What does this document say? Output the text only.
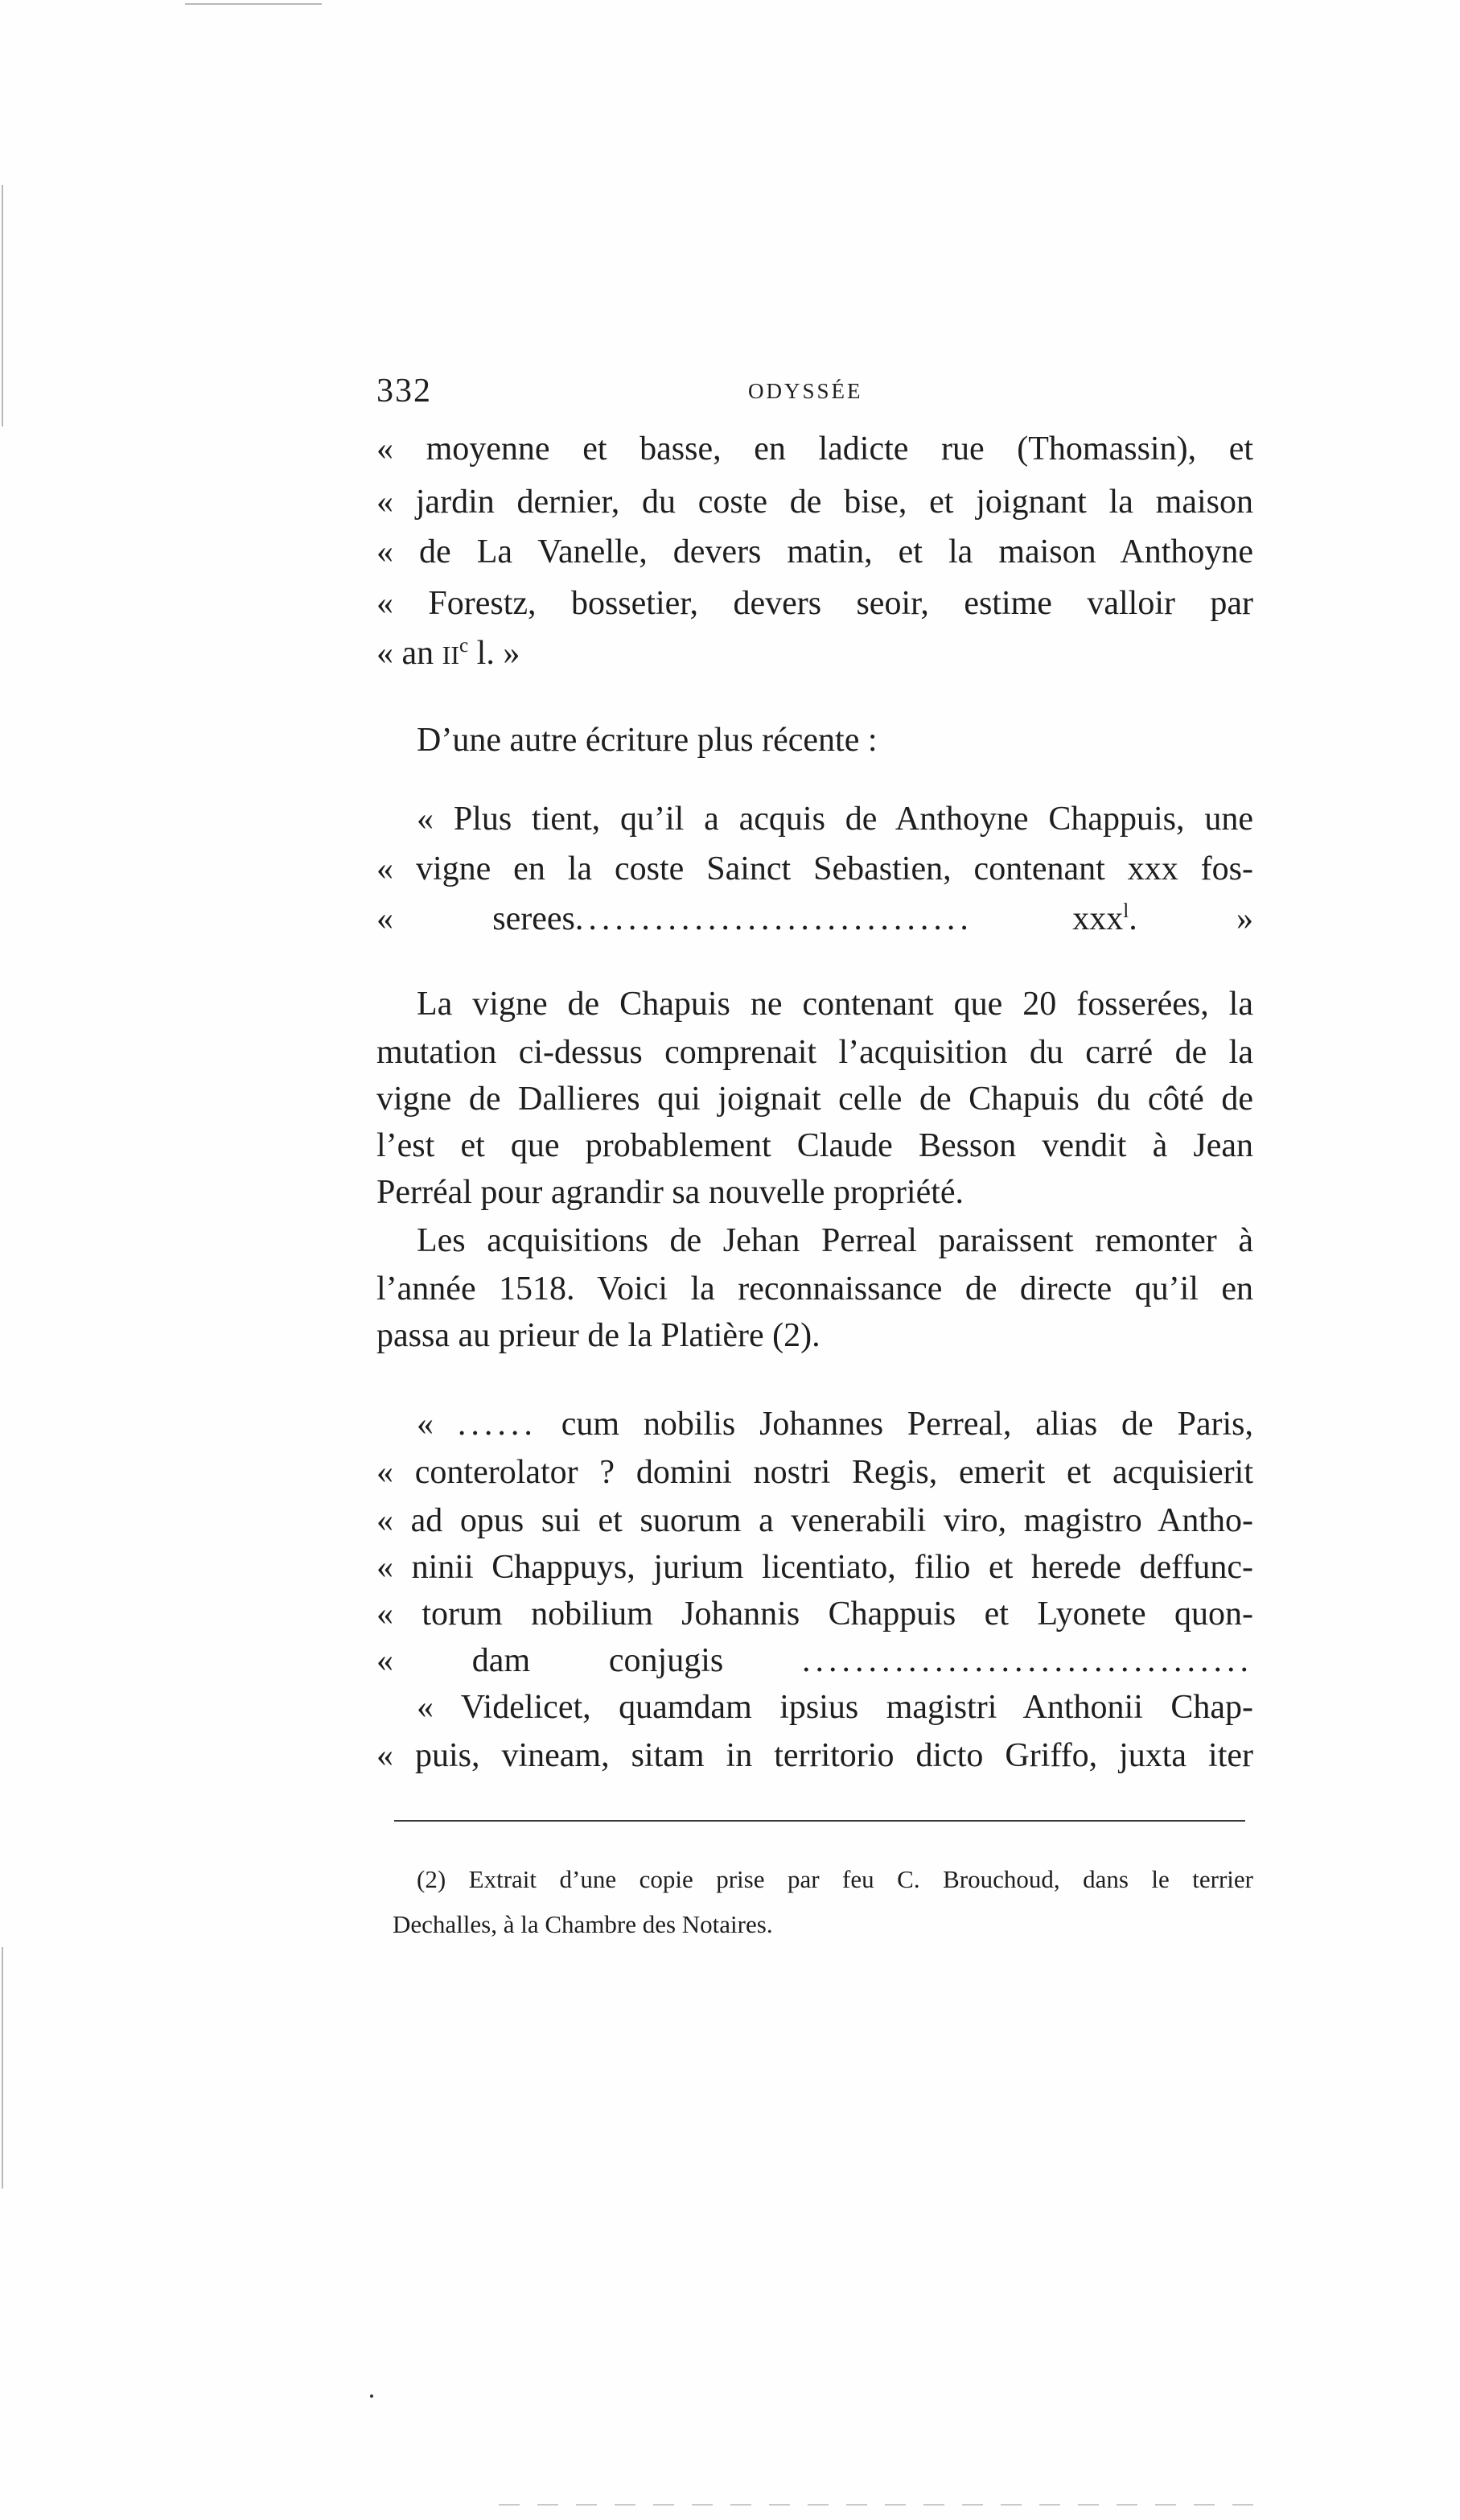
332	ODYSSÉE
« moyenne et basse, en ladicte rue (Thomassin), et
« jardin dernier, du coste de bise, et joignant la maison
« de La Vanelle, devers matin, et la maison Anthoyne
« Forestz, bossetier, devers seoir, estime valloir par
« an $II^c$ l. »
D’une autre écriture plus récente :
« Plus tient, qu’il a acquis de Anthoyne Chappuis, une
« vigne en la coste Sainct Sebastien, contenant xxx fos-
«	serees..............................	xxx$^l$. »
La vigne de Chapuis ne contenant que 20 fosserées, la
mutation ci-dessus comprenait l’acquisition du carré de la
vigne de Dallieres qui joignait celle de Chapuis du côté de
l’est et que probablement Claude Besson vendit à Jean
Perréal pour agrandir sa nouvelle propriété.
Les acquisitions de Jehan Perreal paraissent remonter à
l’année 1518. Voici la reconnaissance de directe qu’il en
passa au prieur de la Platière (2).
« ...... cum nobilis Johannes Perreal, alias de Paris,
« conterolator ? domini nostri Regis, emerit et acquisierit
« ad opus sui et suorum a venerabili viro, magistro Antho-
« ninii Chappuys, jurium licentiato, filio et herede deffunc-
« torum nobilium Johannis Chappuis et Lyonete quon-
« dam conjugis ..................................
« Videlicet, quamdam ipsius magistri Anthonii Chap-
« puis, vineam, sitam in territorio dicto Griffo, juxta iter
(2) Extrait d’une copie prise par feu C. Brouchoud, dans le terrier
Dechalles, à la Chambre des Notaires.
